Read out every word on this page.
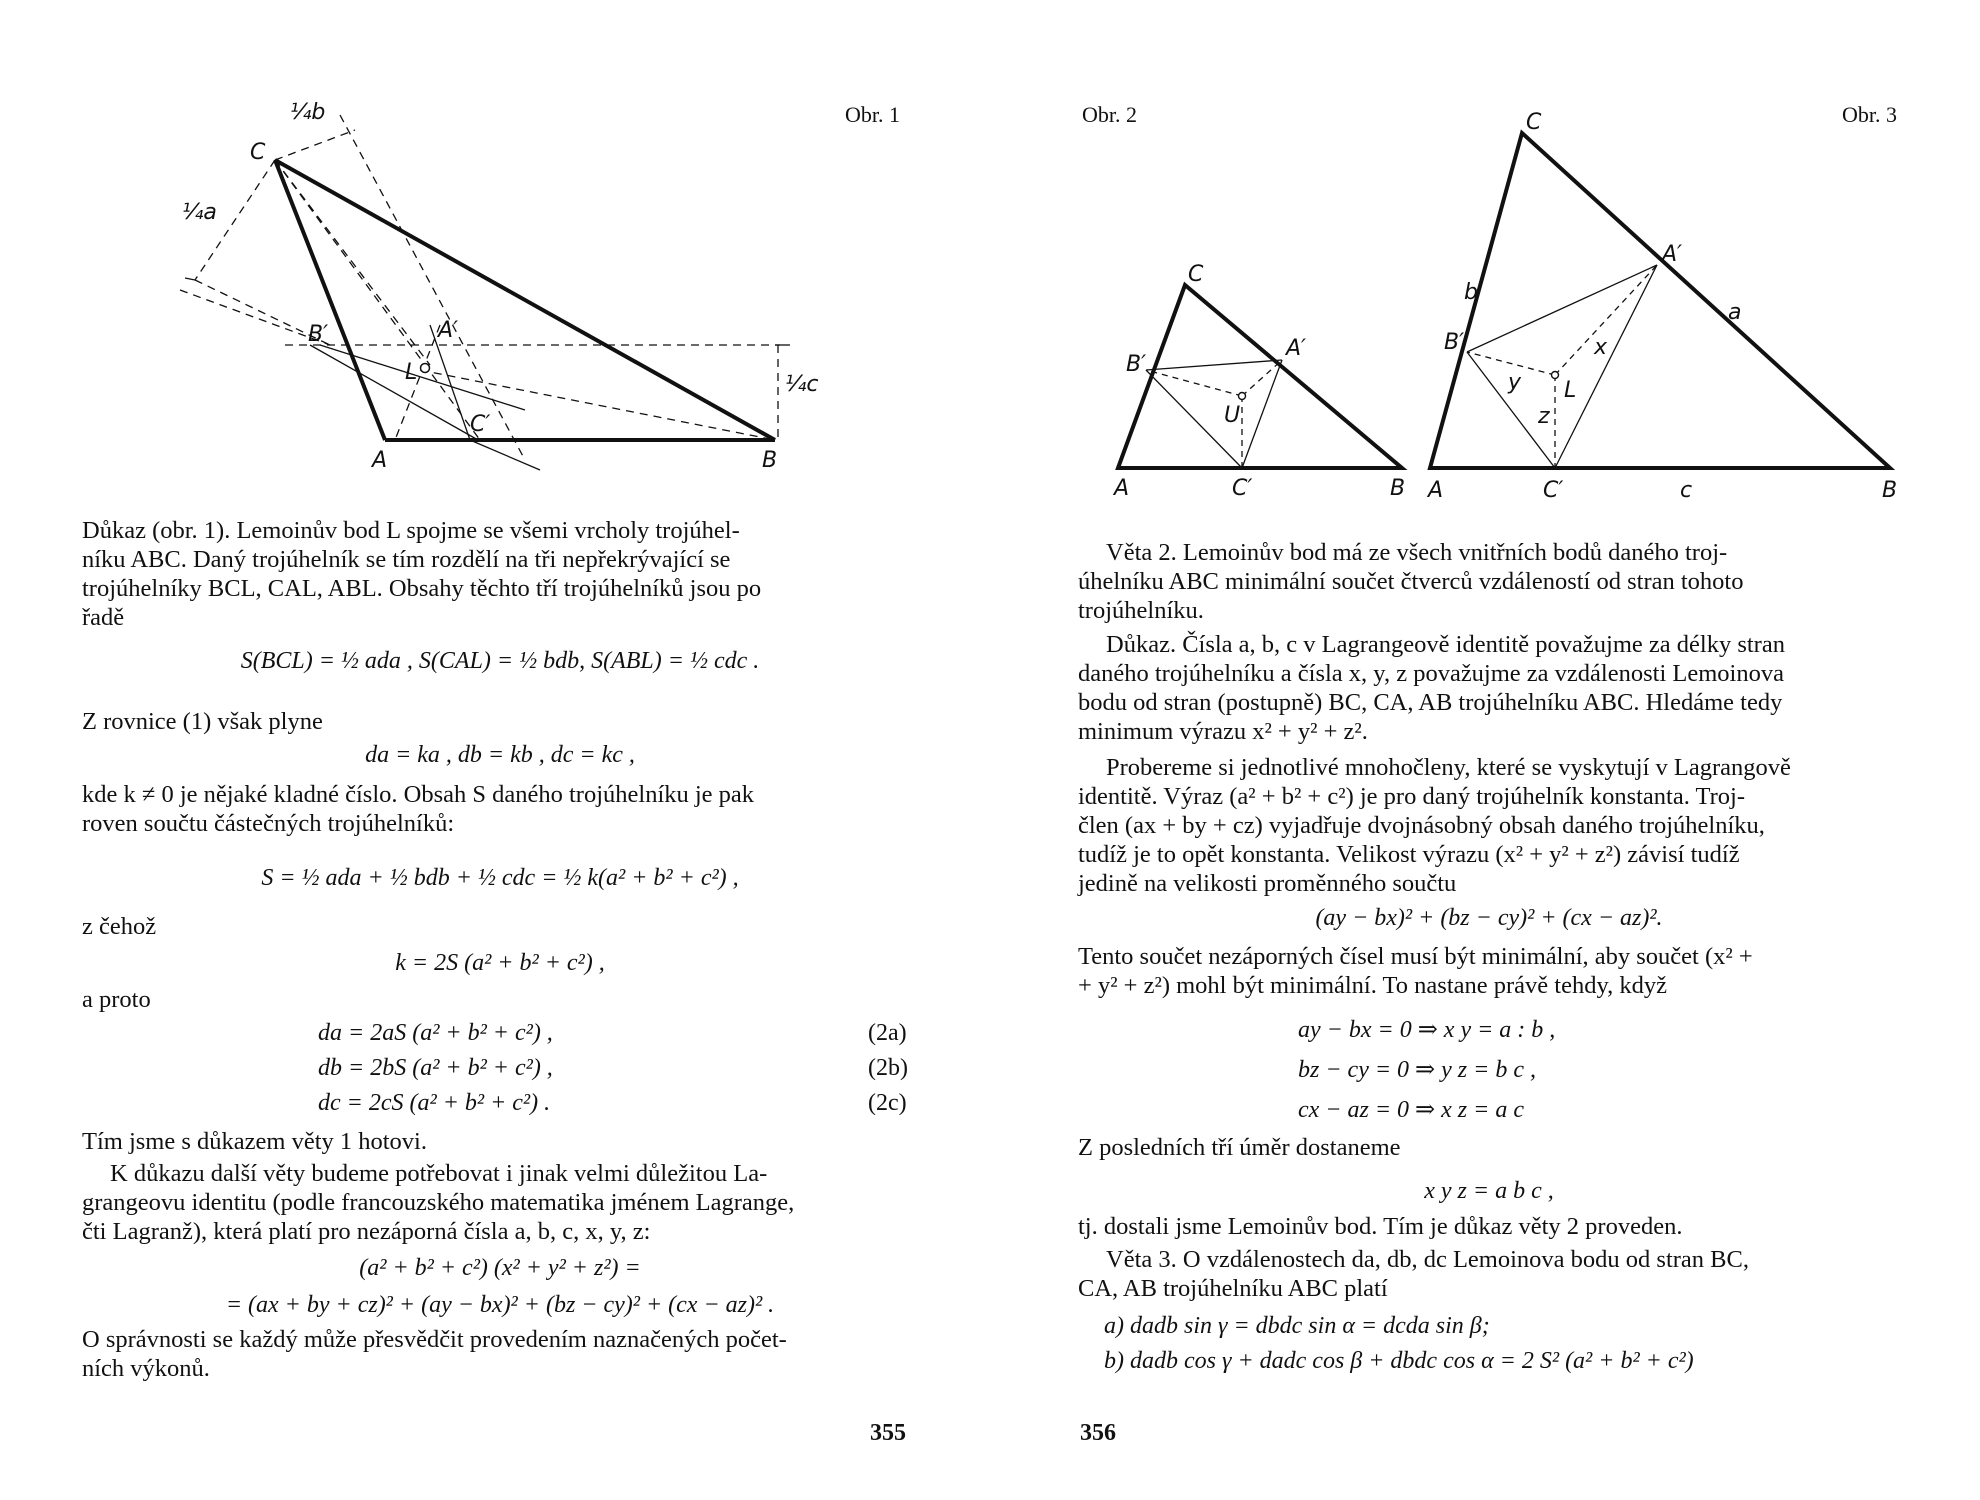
Obr. 1
C
A	B
B′	A′
C′
L
¼a
¼b
¼c
Důkaz (obr. 1). Lemoinův bod L spojme se všemi vrcholy trojúhel-
níku ABC. Daný trojúhelník se tím rozdělí na tři nepřekrývající se
trojúhelníky BCL, CAL, ABL. Obsahy těchto tří trojúhelníků jsou po
řadě
S(BCL) = ½ ada , S(CAL) = ½ bdb, S(ABL) = ½ cdc .
Z rovnice (1) však plyne
da = ka , db = kb , dc = kc ,
kde k ≠ 0 je nějaké kladné číslo. Obsah S daného trojúhelníku je pak
roven součtu částečných trojúhelníků:
S = ½ ada + ½ bdb + ½ cdc = ½ k(a² + b² + c²) ,
z čehož
k = 2S (a² + b² + c²) ,
a proto
da = 2aS (a² + b² + c²) ,	(2a)
db = 2bS (a² + b² + c²) ,	(2b)
dc = 2cS (a² + b² + c²) .	(2c)
Tím jsme s důkazem věty 1 hotovi.
K důkazu další věty budeme potřebovat i jinak velmi důležitou La-
grangeovu identitu (podle francouzského matematika jménem Lagrange,
čti Lagranž), která platí pro nezáporná čísla a, b, c, x, y, z:
(a² + b² + c²) (x² + y² + z²) =
= (ax + by + cz)² + (ay − bx)² + (bz − cy)² + (cx − az)² .
O správnosti se každý může přesvědčit provedením naznačených počet-
ních výkonů.
355
Obr. 2	Obr. 3
C
A	B
B′
A′
C′
U
C
A	B
B′
A′
C′
L
a
b
c
x
y
z
Věta 2. Lemoinův bod má ze všech vnitřních bodů daného troj-
úhelníku ABC minimální součet čtverců vzdáleností od stran tohoto
trojúhelníku.
Důkaz. Čísla a, b, c v Lagrangeově identitě považujme za délky stran
daného trojúhelníku a čísla x, y, z považujme za vzdálenosti Lemoinova
bodu od stran (postupně) BC, CA, AB trojúhelníku ABC. Hledáme tedy
minimum výrazu x² + y² + z².
Probereme si jednotlivé mnohočleny, které se vyskytují v Lagrangově
identitě. Výraz (a² + b² + c²) je pro daný trojúhelník konstanta. Troj-
člen (ax + by + cz) vyjadřuje dvojnásobný obsah daného trojúhelníku,
tudíž je to opět konstanta. Velikost výrazu (x² + y² + z²) závisí tudíž
jedině na velikosti proměnného součtu
(ay − bx)² + (bz − cy)² + (cx − az)².
Tento součet nezáporných čísel musí být minimální, aby součet (x² +
+ y² + z²) mohl být minimální. To nastane právě tehdy, když
ay − bx = 0 ⇒ x y = a : b ,
bz − cy = 0 ⇒ y z = b c ,
cx − az = 0 ⇒ x z = a c
Z posledních tří úměr dostaneme
x y z = a b c ,
tj. dostali jsme Lemoinův bod. Tím je důkaz věty 2 proveden.
Věta 3. O vzdálenostech da, db, dc Lemoinova bodu od stran BC,
CA, AB trojúhelníku ABC platí
a) dadb sin γ = dbdc sin α = dcda sin β;
b) dadb cos γ + dadc cos β + dbdc cos α = 2 S² (a² + b² + c²)
356
